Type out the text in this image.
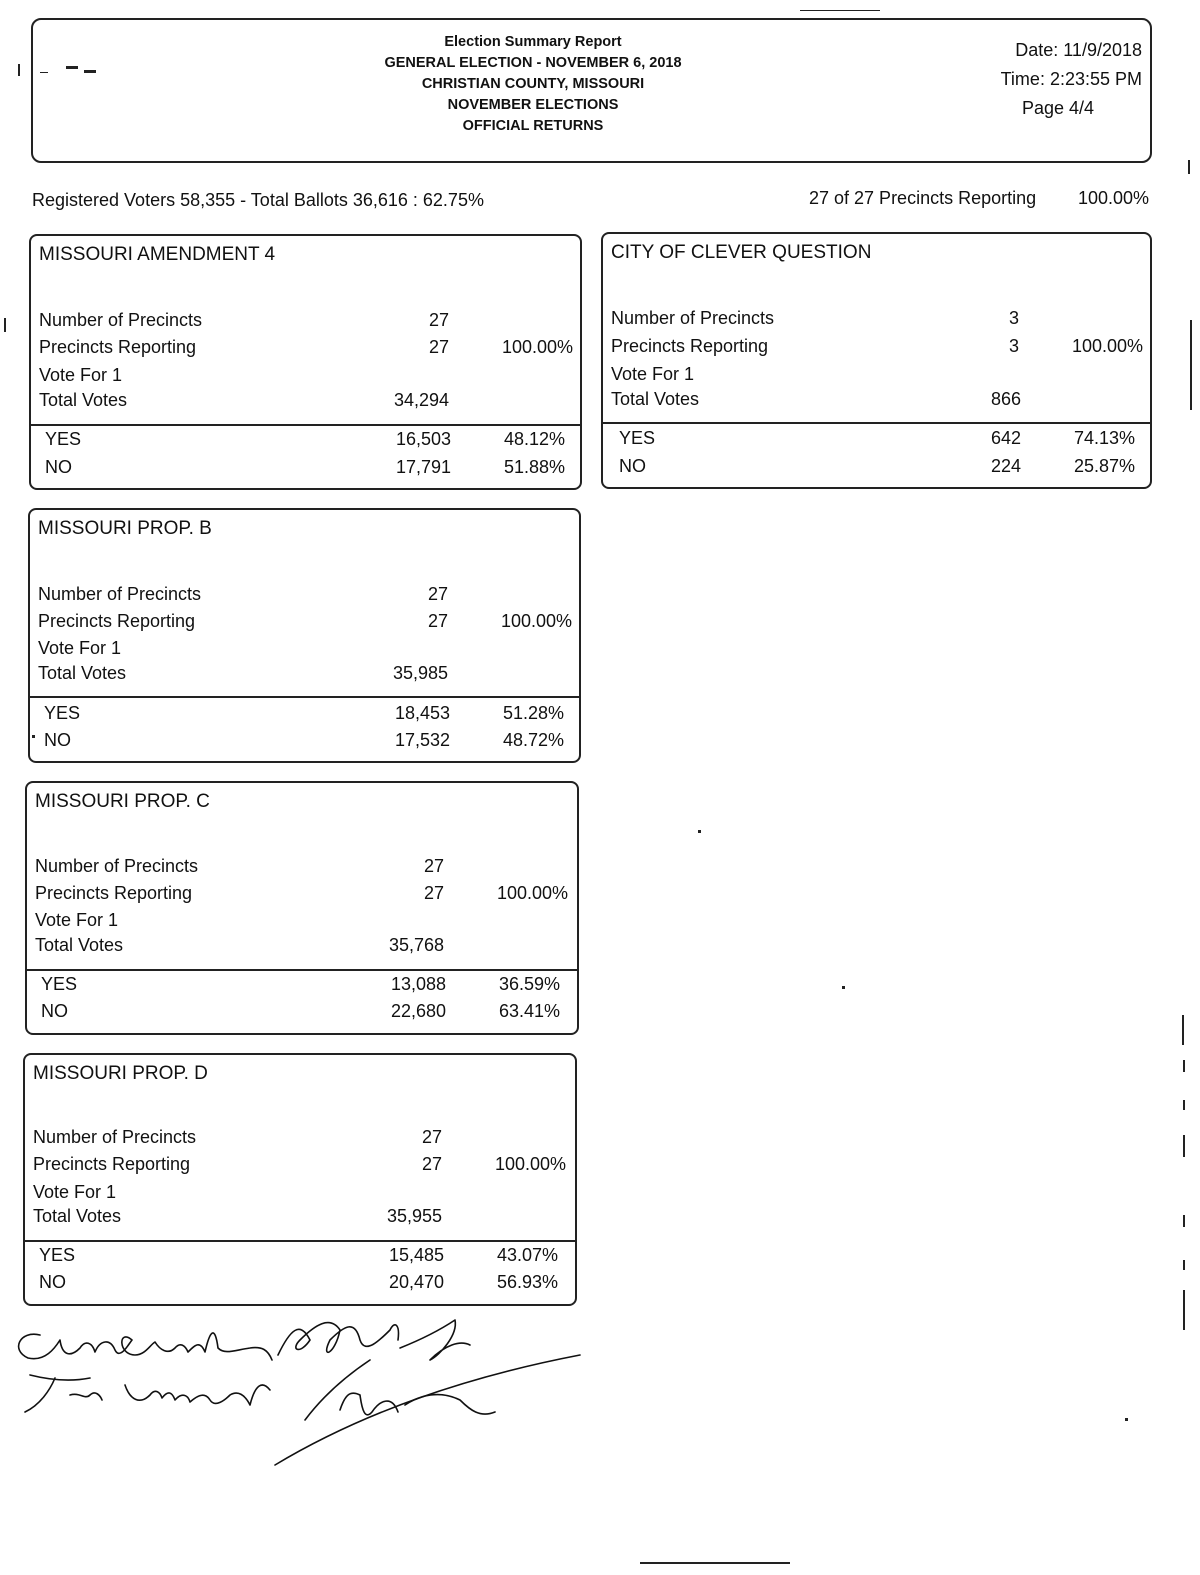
Election Summary Report
GENERAL ELECTION - NOVEMBER 6, 2018
CHRISTIAN COUNTY, MISSOURI
NOVEMBER ELECTIONS
OFFICIAL RETURNS
Date: 11/9/2018
Time: 2:23:55 PM
Page 4/4
Registered Voters 58,355 - Total Ballots 36,616 : 62.75%	27 of 27 Precincts Reporting 100.00%
MISSOURI AMENDMENT 4
Number of Precincts	27
Precincts Reporting	27	100.00%
Vote For 1
Total Votes	34,294
YES	16,503	48.12%
NO	17,791	51.88%
CITY OF CLEVER QUESTION
Number of Precincts	3
Precincts Reporting	3	100.00%
Vote For 1
Total Votes	866
YES	642	74.13%
NO	224	25.87%
MISSOURI PROP. B
Number of Precincts	27
Precincts Reporting	27	100.00%
Vote For 1
Total Votes	35,985
YES	18,453	51.28%
NO	17,532	48.72%
MISSOURI PROP. C
Number of Precincts	27
Precincts Reporting	27	100.00%
Vote For 1
Total Votes	35,768
YES	13,088	36.59%
NO	22,680	63.41%
MISSOURI PROP. D
Number of Precincts	27
Precincts Reporting	27	100.00%
Vote For 1
Total Votes	35,955
YES	15,485	43.07%
NO	20,470	56.93%
